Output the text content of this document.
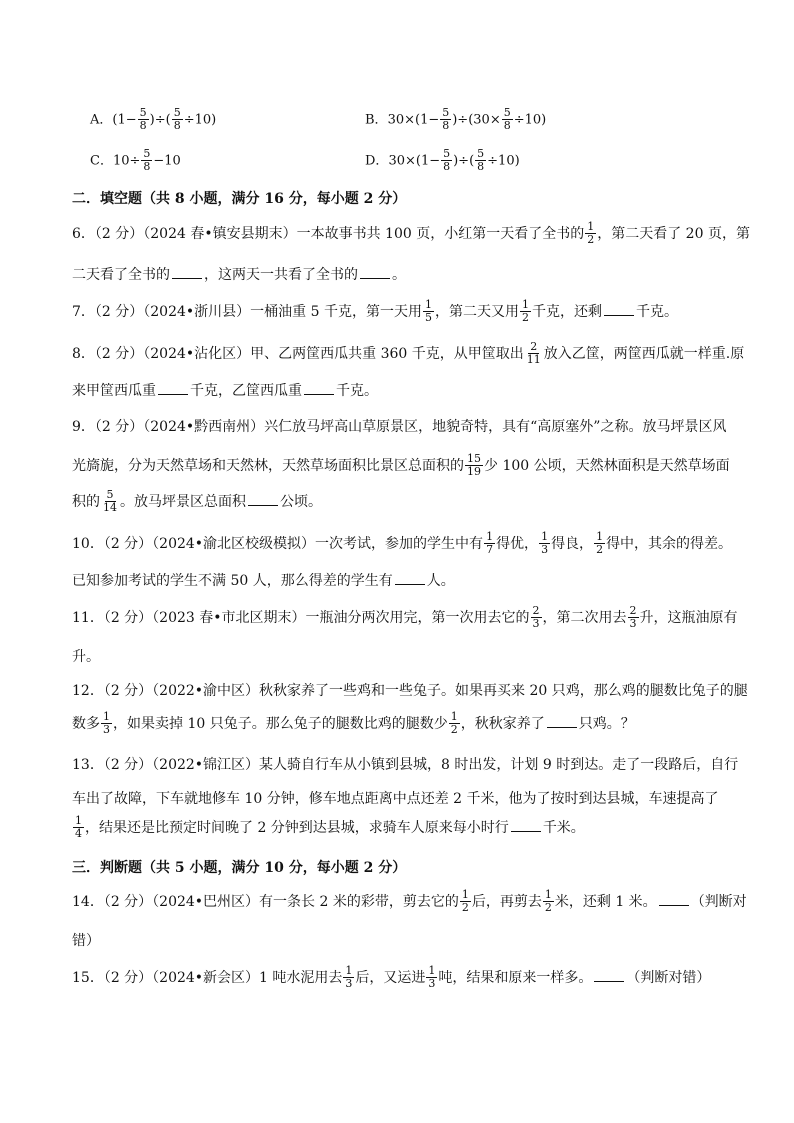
A．($1- \frac{5}{8}$ )÷( $\frac{5}{8} \div 10$)	B．$30\times(1- \frac{5}{8} )\div(30\times \frac{5}{8} \div 10)$
C．$10\div \frac{5}{8} -10$	D．$30\times(1- \frac{5}{8}$ )÷( $\frac{5}{8} \div 10$)
二．填空题（共 8 小题，满分 16 分，每小题 2 分）
6．（2 分）（2024 春•镇安县期末）一本故事书共 100 页，小红第一天看了全书的 $\frac{1}{2}$ ，第二天看了 20 页，第
二天看了全书的 ，这两天一共看了全书的 。
7．（2 分）（2024•浙川县）一桶油重 5 千克，第一天用 $\frac{1}{5}$ ，第二天又用 $\frac{1}{2}$ 千克，还剩 千克。
8．（2 分）（2024•沾化区）甲、乙两筐西瓜共重 360 千克，从甲筐取出 $\frac{2}{11}$ 放入乙筐，两筐西瓜就一样重.原
来甲筐西瓜重 千克，乙筐西瓜重 千克。
9．（2 分）（2024•黔西南州）兴仁放马坪高山草原景区，地貌奇特，具有“高原塞外”之称。放马坪景区风
光旖旎，分为天然草场和天然林，天然草场面积比景区总面积的 $\frac{15}{19}$ 少 100 公顷，天然林面积是天然草场面
积的 $\frac{5}{14}$ 。放马坪景区总面积 公顷。
10．（2 分）（2024•渝北区校级模拟）一次考试，参加的学生中有 $\frac{1}{7}$ 得优， $\frac{1}{3}$ 得良， $\frac{1}{2}$ 得中，其余的得差。
已知参加考试的学生不满 50 人，那么得差的学生有 人。
11．（2 分）（2023 春•市北区期末）一瓶油分两次用完，第一次用去它的 $\frac{2}{3}$ ，第二次用去 $\frac{2}{3}$ 升，这瓶油原有
升。
12．（2 分）（2022•渝中区）秋秋家养了一些鸡和一些兔子。如果再买来 20 只鸡，那么鸡的腿数比兔子的腿
数多 $\frac{1}{3}$ ，如果卖掉 10 只兔子。那么兔子的腿数比鸡的腿数少 $\frac{1}{2}$ ，秋秋家养了 只鸡。？
13．（2 分）（2022•锦江区）某人骑自行车从小镇到县城，8 时出发，计划 9 时到达。走了一段路后，自行
车出了故障，下车就地修车 10 分钟，修车地点距离中点还差 2 千米，他为了按时到达县城，车速提高了
$\frac{1}{4}$ ，结果还是比预定时间晚了 2 分钟到达县城，求骑车人原来每小时行 千米。
三．判断题（共 5 小题，满分 10 分，每小题 2 分）
14．（2 分）（2024•巴州区）有一条长 2 米的彩带，剪去它的 $\frac{1}{2}$ 后，再剪去 $\frac{1}{2}$ 米，还剩 1 米。 （判断对
错）
15．（2 分）（2024•新会区）1 吨水泥用去 $\frac{1}{3}$ 后，又运进 $\frac{1}{3}$ 吨，结果和原来一样多。 （判断对错）
